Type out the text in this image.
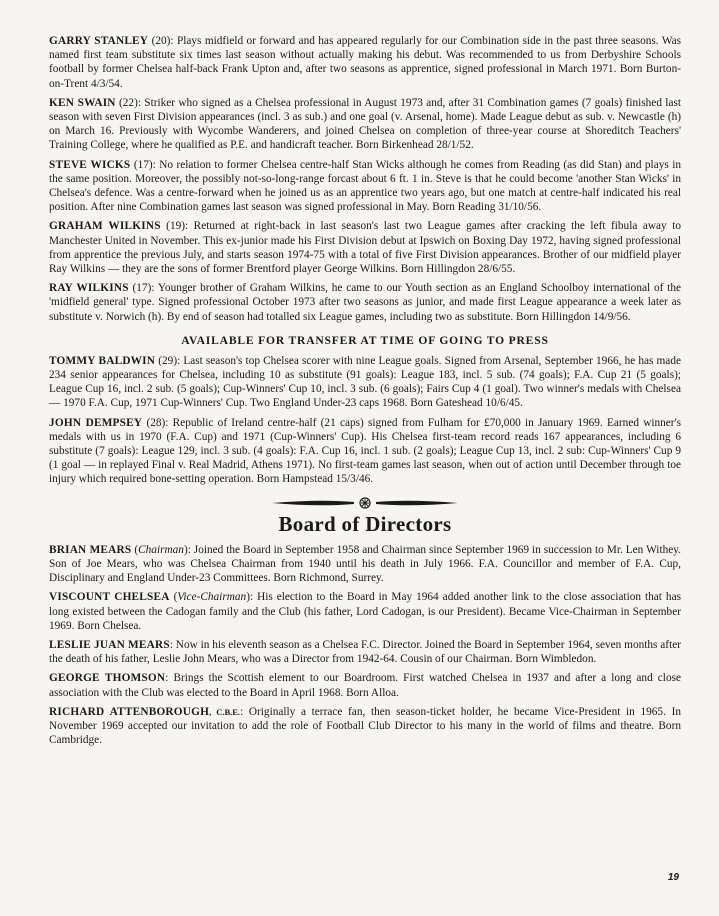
GARRY STANLEY (20): Plays midfield or forward and has appeared regularly for our Combination side in the past three seasons. Was named first team substitute six times last season without actually making his debut. Was recommended to us from Derbyshire Schools football by former Chelsea half-back Frank Upton and, after two seasons as apprentice, signed professional in March 1971. Born Burton-on-Trent 4/3/54.

KEN SWAIN (22): Striker who signed as a Chelsea professional in August 1973 and, after 31 Combination games (7 goals) finished last season with seven First Division appearances (incl. 3 as sub.) and one goal (v. Arsenal, home). Made League debut as sub. v. Newcastle (h) on March 16. Previously with Wycombe Wanderers, and joined Chelsea on completion of three-year course at Shoreditch Teachers' Training College, where he qualified as P.E. and handicraft teacher. Born Birkenhead 28/1/52.

STEVE WICKS (17): No relation to former Chelsea centre-half Stan Wicks although he comes from Reading (as did Stan) and plays in the same position. Moreover, the possibly not-so-long-range forcast about 6 ft. 1 in. Steve is that he could become 'another Stan Wicks' in Chelsea's defence. Was a centre-forward when he joined us as an apprentice two years ago, but one match at centre-half indicated his real position. After nine Combination games last season was signed professional in May. Born Reading 31/10/56.

GRAHAM WILKINS (19): Returned at right-back in last season's last two League games after cracking the left fibula away to Manchester United in November. This ex-junior made his First Division debut at Ipswich on Boxing Day 1972, having signed professional from apprentice the previous July, and starts season 1974-75 with a total of five First Division appearances. Brother of our midfield player Ray Wilkins — they are the sons of former Brentford player George Wilkins. Born Hillingdon 28/6/55.

RAY WILKINS (17): Younger brother of Graham Wilkins, he came to our Youth section as an England Schoolboy international of the 'midfield general' type. Signed professional October 1973 after two seasons as junior, and made first League appearance a week later as substitute v. Norwich (h). By end of season had totalled six League games, including two as substitute. Born Hillingdon 14/9/56.

AVAILABLE FOR TRANSFER AT TIME OF GOING TO PRESS

TOMMY BALDWIN (29): Last season's top Chelsea scorer with nine League goals. Signed from Arsenal, September 1966, he has made 234 senior appearances for Chelsea, including 10 as substitute (91 goals): League 183, incl. 5 sub. (74 goals); F.A. Cup 21 (5 goals); League Cup 16, incl. 2 sub. (5 goals); Cup-Winners' Cup 10, incl. 3 sub. (6 goals); Fairs Cup 4 (1 goal). Two winner's medals with Chelsea — 1970 F.A. Cup, 1971 Cup-Winners' Cup. Two England Under-23 caps 1968. Born Gateshead 10/6/45.

JOHN DEMPSEY (28): Republic of Ireland centre-half (21 caps) signed from Fulham for £70,000 in January 1969. Earned winner's medals with us in 1970 (F.A. Cup) and 1971 (Cup-Winners' Cup). His Chelsea first-team record reads 167 appearances, including 6 substitute (7 goals): League 129, incl. 3 sub. (4 goals): F.A. Cup 16, incl. 1 sub. (2 goals); League Cup 13, incl. 2 sub: Cup-Winners' Cup 9 (1 goal — in replayed Final v. Real Madrid, Athens 1971). No first-team games last season, when out of action until December through toe injury which required bone-setting operation. Born Hampstead 15/3/46.

Board of Directors

BRIAN MEARS (Chairman): Joined the Board in September 1958 and Chairman since September 1969 in succession to Mr. Len Withey. Son of Joe Mears, who was Chelsea Chairman from 1940 until his death in July 1966. F.A. Councillor and member of F.A. Cup, Disciplinary and England Under-23 Committees. Born Richmond, Surrey.

VISCOUNT CHELSEA (Vice-Chairman): His election to the Board in May 1964 added another link to the close association that has long existed between the Cadogan family and the Club (his father, Lord Cadogan, is our President). Became Vice-Chairman in September 1969. Born Chelsea.

LESLIE JUAN MEARS: Now in his eleventh season as a Chelsea F.C. Director. Joined the Board in September 1964, seven months after the death of his father, Leslie John Mears, who was a Director from 1942-64. Cousin of our Chairman. Born Wimbledon.

GEORGE THOMSON: Brings the Scottish element to our Boardroom. First watched Chelsea in 1937 and after a long and close association with the Club was elected to the Board in April 1968. Born Alloa.

RICHARD ATTENBOROUGH, C.B.E.: Originally a terrace fan, then season-ticket holder, he became Vice-President in 1965. In November 1969 accepted our invitation to add the role of Football Club Director to his many in the world of films and theatre. Born Cambridge.

19
